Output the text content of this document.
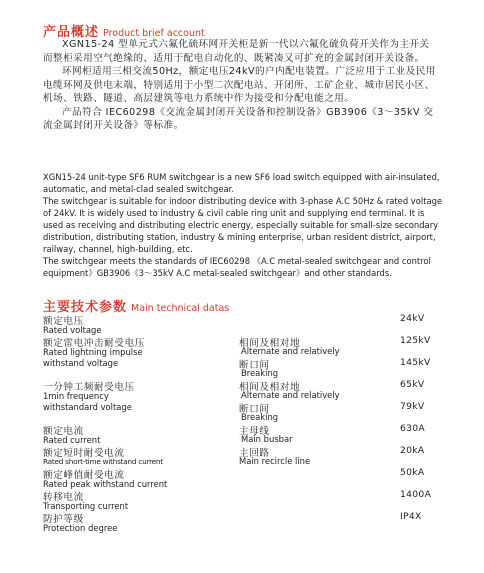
产品概述 Product brief account

XGN15-24 型单元式六氟化硫环网开关柜是新一代以六氟化硫负荷开关作为主开关而整柜采用空气绝缘的、适用于配电自动化的、既紧凑又可扩充的金属封闭开关设备。

环网柜适用三相交流50Hz，额定电压24kV的户内配电装置。广泛应用于工业及民用电缆环网及供电末端，特别适用于小型二次配电站、开闭所、工矿企业、城市居民小区、机场、铁路、隧道、高层建筑等电力系统中作为接受和分配电能之用。

产品符合 IEC60298《交流金属封闭开关设备和控制设备》GB3906《3～35kV 交流金属封闭开关设备》等标准。

XGN15-24 unit-type SF6 RUM switchgear is a new SF6 load switch equipped with air-insulated, automatic, and metal-clad sealed switchgear.

The switchgear is suitable for indoor distributing device with 3-phase A.C 50Hz & rated voltage of 24kV. It is widely used to industry & civil cable ring unit and supplying end terminal. It is used as receiving and distributing electric energy, especially suitable for small-size secondary distribution, distributing station, industry & mining enterprise, urban resident district, airport, railway, channel, high-building, etc.

The switchgear meets the standards of IEC60298 《A.C metal-sealed switchgear and control equipment》GB3906《3～35kV A.C metal-sealed switchgear》and other standards.

主要技术参数 Main technical datas
额定电压
Rated voltage
24kV
额定雷电冲击耐受电压
Rated lightning impulse
withstand voltage
相间及相对地
Alternate and relatively
125kV
断口间
Breaking
145kV
一分钟工频耐受电压
1min frequency
withstandard voltage
相间及相对地
Alternate and relatively
65kV
断口间
Breaking
79kV
额定电流
Rated current
主母线
Main busbar
630A
额定短时耐受电流
Rated short-time withstand current
主回路
Main recircle line
20kA
额定峰值耐受电流
Rated peak withstand current
50kA
转移电流
Transporting current
1400A
防护等级
Protection degree
IP4X
